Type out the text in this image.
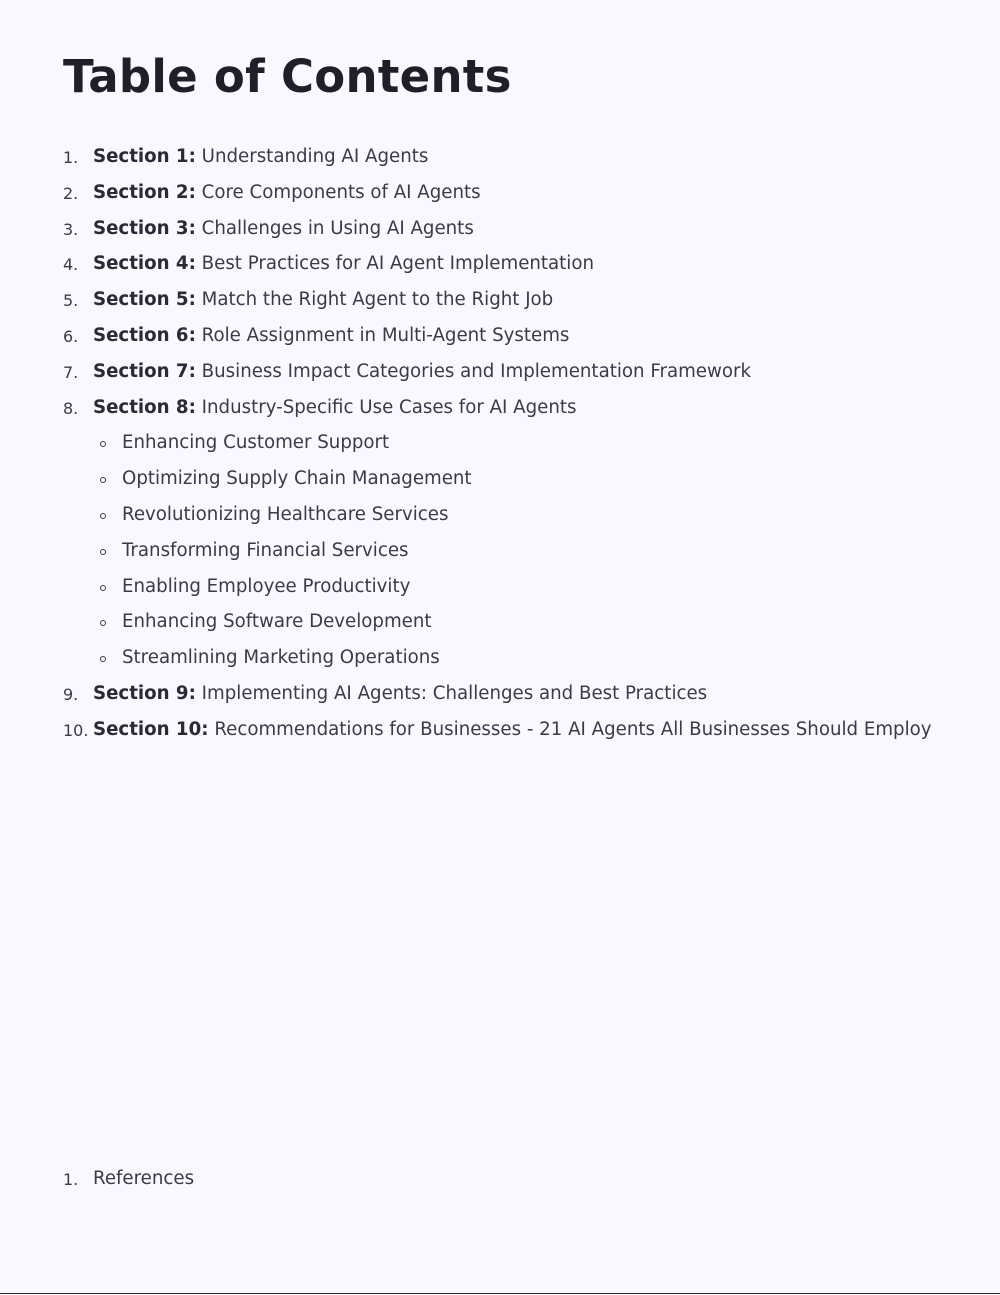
Table of Contents
1. Section 1: Understanding AI Agents
2. Section 2: Core Components of AI Agents
3. Section 3: Challenges in Using AI Agents
4. Section 4: Best Practices for AI Agent Implementation
5. Section 5: Match the Right Agent to the Right Job
6. Section 6: Role Assignment in Multi-Agent Systems
7. Section 7: Business Impact Categories and Implementation Framework
8. Section 8: Industry-Specific Use Cases for AI Agents
Enhancing Customer Support
Optimizing Supply Chain Management
Revolutionizing Healthcare Services
Transforming Financial Services
Enabling Employee Productivity
Enhancing Software Development
Streamlining Marketing Operations
9. Section 9: Implementing AI Agents: Challenges and Best Practices
10. Section 10: Recommendations for Businesses - 21 AI Agents All Businesses Should Employ
1. References
